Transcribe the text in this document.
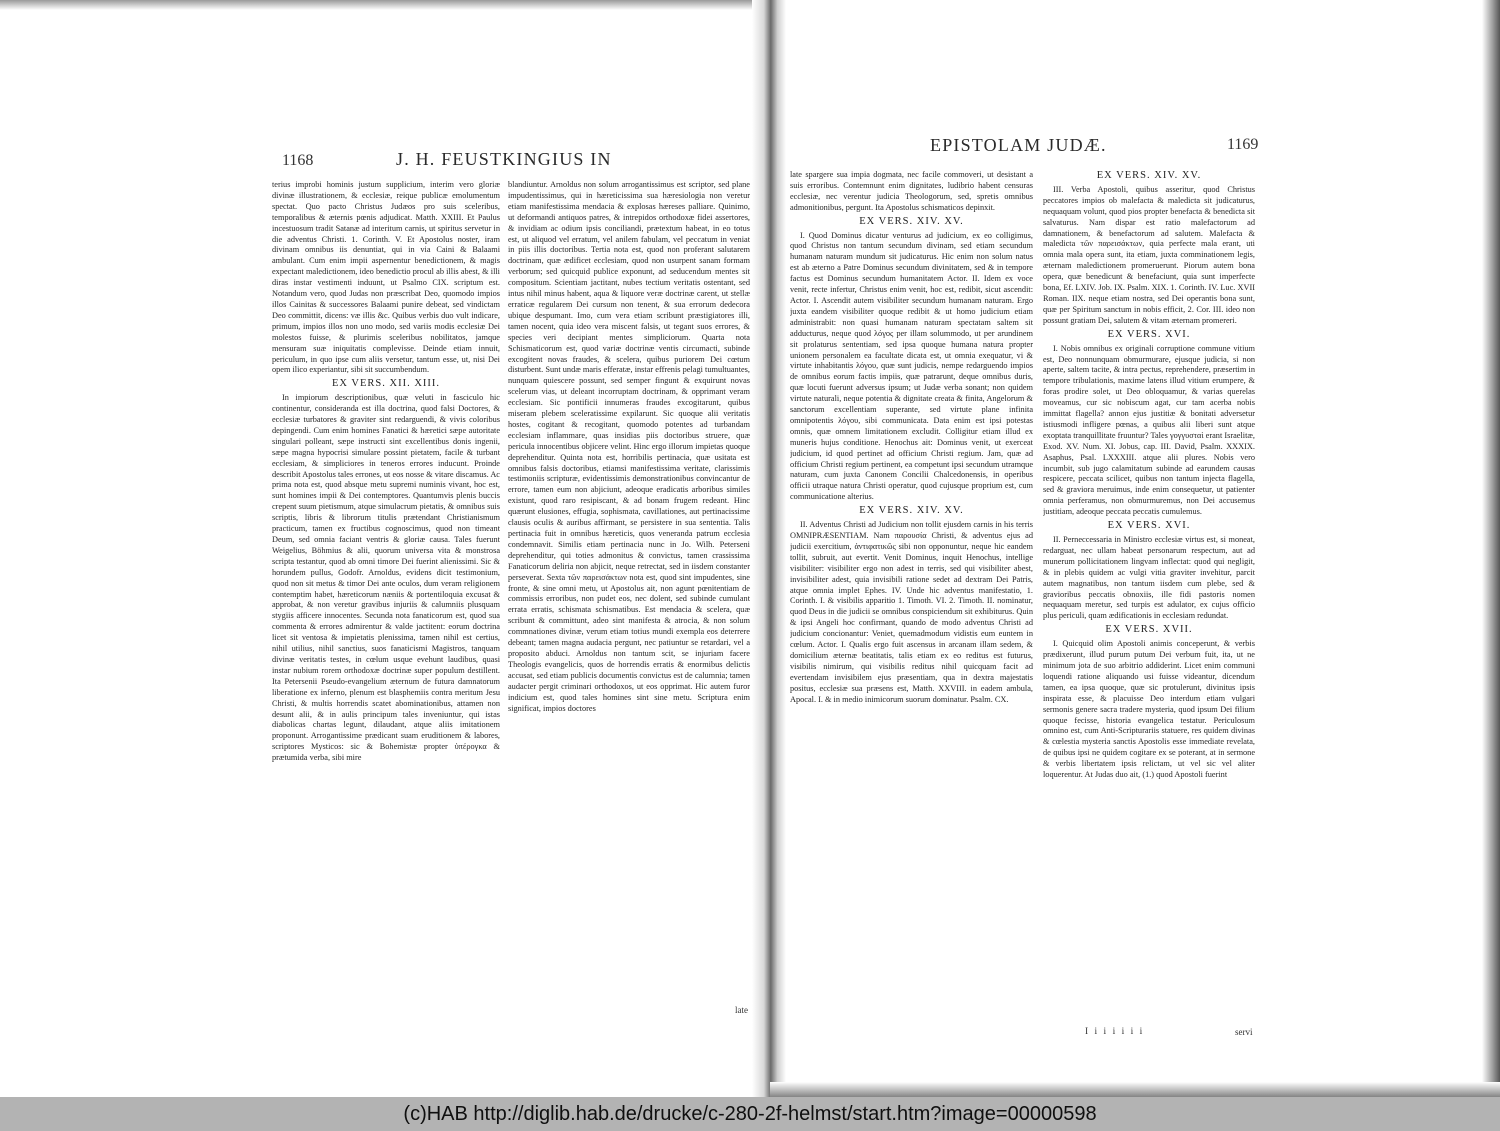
1168	J. H. FEUSTKINGIUS IN

terius improbi hominis justum supplicium, interim vero gloriæ divinæ illustrationem, & ecclesiæ, reique publicæ emolumentum spectat. Quo pacto Christus Judæos pro suis sceleribus, temporalibus & æternis pœnis adjudicat. Matth. XXIII. Et Paulus incestuosum tradit Satanæ ad interitum carnis, ut spiritus servetur in die adventus Christi. 1. Corinth. V. Et Apostolus noster, iram divinam omnibus iis denuntiat, qui in via Caini & Balaami ambulant. Cum enim impii aspernentur benedictionem, & magis expectant maledictionem, ideo benedictio procul ab illis abest, & illi diras instar vestimenti induunt, ut Psalmo CIX. scriptum est. Notandum vero, quod Judas non præscribat Deo, quomodo impios illos Cainitas & successores Balaami punire debeat, sed vindictam Deo committit, dicens: væ illis &c. Quibus verbis duo vult indicare, primum, impios illos non uno modo, sed variis modis ecclesiæ Dei molestos fuisse, & plurimis sceleribus nobilitatos, jamque mensuram suæ iniquitatis complevisse. Deinde etiam innuit, periculum, in quo ipse cum aliis versetur, tantum esse, ut, nisi Dei opem ilico experiantur, sibi sit succumbendum.

EX VERS. XII. XIII.

In impiorum descriptionibus, quæ veluti in fasciculo hic continentur, consideranda est illa doctrina, quod falsi Doctores, & ecclesiæ turbatores & graviter sint redarguendi, & vivis coloribus depingendi. Cum enim homines Fanatici & hæretici sæpe autoritate singulari polleant, sæpe instructi sint excellentibus donis ingenii, sæpe magna hypocrisi simulare possint pietatem, facile & turbant ecclesiam, & simpliciores in teneros errores inducunt. Proinde describit Apostolus tales errones, ut eos nosse & vitare discamus. Ac prima nota est, quod absque metu supremi numinis vivant, hoc est, sunt homines impii & Dei contemptores. Quantumvis plenis buccis crepent suum pietismum, atque simulacrum pietatis, & omnibus suis scriptis, libris & librorum titulis prætendant Christianismum practicum, tamen ex fructibus cognoscimus, quod non timeant Deum, sed omnia faciant ventris & gloriæ causa. Tales fuerunt Weigelius, Böhmius & alii, quorum universa vita & monstrosa scripta testantur, quod ab omni timore Dei fuerint alienissimi. Sic & horundem pullus, Godofr. Arnoldus, evidens dicit testimonium, quod non sit metus & timor Dei ante oculos, dum veram religionem contemptim habet, hæreticorum næniis & portentiloquia excusat & approbat, & non veretur gravibus injuriis & calumniis plusquam stygiis afficere innocentes. Secunda nota fanaticorum est, quod sua commenta & errores admirentur & valde jactitent: eorum doctrina licet sit ventosa & impietatis plenissima, tamen nihil est certius, nihil utilius, nihil sanctius, suos fanaticismi Magistros, tanquam divinæ veritatis testes, in cœlum usque evehunt laudibus, quasi instar nubium rorem orthodoxæ doctrinæ super populum destillent. Ita Petersenii Pseudo-evangelium æternum de futura damnatorum liberatione ex inferno, plenum est blasphemiis contra meritum Jesu Christi, & multis horrendis scatet abominationibus, attamen non desunt alii, & in aulis principum tales inveniuntur, qui istas diabolicas chartas legunt, dilaudant, atque aliis imitationem proponunt. Arrogantissime prædicant suam eruditionem & labores, scriptores Mysticos: sic & Bohemistæ propter ὑπέρογκα & prætumida verba, sibi mire

blandiuntur. Arnoldus non solum arrogantissimus est scriptor, sed plane impudentissimus, qui in hæreticissima sua hæresiologia non veretur etiam manifestissima mendacia & explosas hæreses palliare. Quinimo, ut deformandi antiquos patres, & intrepidos orthodoxæ fidei assertores, & invidiam ac odium ipsis conciliandi, prætextum habeat, in eo totus est, ut aliquod vel erratum, vel anilem fabulam, vel peccatum in veniat in piis illis doctoribus. Tertia nota est, quod non proferant salutarem doctrinam, quæ ædificet ecclesiam, quod non usurpent sanam formam verborum; sed quicquid publice exponunt, ad seducendum mentes sit compositum. Scientiam jactitant, nubes tectium veritatis ostentant, sed intus nihil minus habent, aqua & liquore veræ doctrinæ carent, ut stellæ erraticæ regularem Dei cursum non tenent, & sua errorum dedecora ubique despumant. Imo, cum vera etiam scribunt præstigiatores illi, tamen nocent, quia ideo vera miscent falsis, ut tegant suos errores, & species veri decipiant mentes simpliciorum. Quarta nota Schismaticorum est, quod variæ doctrinæ ventis circumacti, subinde excogitent novas fraudes, & scelera, quibus puriorem Dei cœtum disturbent. Sunt undæ maris efferatæ, instar effrenis pelagi tumultuantes, nunquam quiescere possunt, sed semper fingunt & exquirunt novas scelerum vias, ut deleant incorruptam doctrinam, & opprimant veram ecclesiam. Sic pontificii innumeras fraudes excogitarunt, quibus miseram plebem sceleratissime expilarunt. Sic quoque alii veritatis hostes, cogitant & recogitant, quomodo potentes ad turbandam ecclesiam inflammare, quas insidias piis doctoribus struere, quæ pericula innocentibus objicere velint. Hinc ergo illorum impietas quoque deprehenditur. Quinta nota est, horribilis pertinacia, quæ usitata est omnibus falsis doctoribus, etiamsi manifestissima veritate, clarissimis testimoniis scripturæ, evidentissimis demonstrationibus convincantur de errore, tamen eum non abjiciunt, adeoque eradicatis arboribus similes existunt, quod raro resipiscant, & ad bonam frugem redeant. Hinc quærunt elusiones, effugia, sophismata, cavillationes, aut pertinacissime clausis oculis & auribus affirmant, se persistere in sua sententia. Talis pertinacia fuit in omnibus hæreticis, quos veneranda patrum ecclesia condemnavit. Similis etiam pertinacia nunc in Jo. Wilh. Peterseni deprehenditur, qui toties admonitus & convictus, tamen crassissima Fanaticorum deliria non abjicit, neque retrectat, sed in iisdem constanter perseverat. Sexta τῶν παρεισάκτων nota est, quod sint impudentes, sine fronte, & sine omni metu, ut Apostolus ait, non agunt pœnitentiam de commissis erroribus, non pudet eos, nec dolent, sed subinde cumulant errata erratis, schismata schismatibus. Est mendacia & scelera, quæ scribunt & committunt, adeo sint manifesta & atrocia, & non solum commnationes divinæ, verum etiam totius mundi exempla eos deterrere debeant; tamen magna audacia pergunt, nec patiuntur se retardari, vel a proposito abduci. Arnoldus non tantum scit, se injuriam facere Theologis evangelicis, quos de horrendis erratis & enormibus delictis accusat, sed etiam publicis documentis convictus est de calumnia; tamen audacter pergit criminari orthodoxos, ut eos opprimat. Hic autem furor indicium est, quod tales homines sint sine metu. Scriptura enim significat, impios doctores

late
EPISTOLAM JUDÆ.	1169

late spargere sua impia dogmata, nec facile commoveri, ut desistant a suis erroribus. Contemnunt enim dignitates, ludibrio habent censuras ecclesiæ, nec verentur judicia Theologorum, sed, spretis omnibus admonitionibus, pergunt. Ita Apostolus schismaticos depinxit.

EX VERS. XIV. XV.

I. Quod Dominus dicatur venturus ad judicium, ex eo colligimus, quod Christus non tantum secundum divinam, sed etiam secundum humanam naturam mundum sit judicaturus. Hic enim non solum natus est ab æterno a Patre Dominus secundum divinitatem, sed & in tempore factus est Dominus secundum humanitatem Actor. II. Idem ex voce venit, recte infertur, Christus enim venit, hoc est, redibit, sicut ascendit: Actor. I. Ascendit autem visibiliter secundum humanam naturam. Ergo juxta eandem visibiliter quoque redibit & ut homo judicium etiam administrabit: non quasi humanam naturam spectatam saltem sit adducturus, neque quod λόγος per illam solummodo, ut per arundinem sit prolaturus sententiam, sed ipsa quoque humana natura propter unionem personalem ea facultate dicata est, ut omnia exequatur, vi & virtute inhabitantis λόγου, quæ sunt judicis, nempe redarguendo impios de omnibus eorum factis impiis, quæ patrarunt, deque omnibus duris, quæ locuti fuerunt adversus ipsum; ut Judæ verba sonant; non quidem virtute naturali, neque potentia & dignitate creata & finita, Angelorum & sanctorum excellentiam superante, sed virtute plane infinita omnipotentis λόγου, sibi communicata. Data enim est ipsi potestas omnis, quæ omnem limitationem excludit. Colligitur etiam illud ex muneris hujus conditione. Henochus ait: Dominus venit, ut exerceat judicium, id quod pertinet ad officium Christi regium. Jam, quæ ad officium Christi regium pertinent, ea competunt ipsi secundum utramque naturam, cum juxta Canonem Concilii Chalcedonensis, in operibus officii utraque natura Christi operatur, quod cujusque proprium est, cum communicatione alterius.

EX VERS. XIV. XV.

II. Adventus Christi ad Judicium non tollit ejusdem carnis in his terris OMNIPRÆSENTIAM. Nam παρουσία Christi, & adventus ejus ad judicii exercitium, ἀντιφατικῶς sibi non opponuntur, neque hic eandem tollit, subruit, aut evertit. Venit Dominus, inquit Henochus, intellige visibiliter: visibiliter ergo non adest in terris, sed qui visibiliter abest, invisibiliter adest, quia invisibili ratione sedet ad dextram Dei Patris, atque omnia implet Ephes. IV. Unde hic adventus manifestatio, 1. Corinth. I. & visibilis apparitio 1. Timoth. VI. 2. Timoth. II. nominatur, quod Deus in die judicii se omnibus conspiciendum sit exhibiturus. Quin & ipsi Angeli hoc confirmant, quando de modo adventus Christi ad judicium concionantur: Veniet, quemadmodum vidistis eum euntem in cœlum. Actor. I. Qualis ergo fuit ascensus in arcanam illam sedem, & domicilium æternæ beatitatis, talis etiam ex eo reditus est futurus, visibilis nimirum, qui visibilis reditus nihil quicquam facit ad evertendam invisibilem ejus præsentiam, qua in dextra majestatis positus, ecclesiæ sua præsens est, Matth. XXVIII. in eadem ambula, Apocal. I. & in medio inimicorum suorum dominatur. Psalm. CX.

EX VERS. XIV. XV.

III. Verba Apostoli, quibus asseritur, quod Christus peccatores impios ob malefacta & maledicta sit judicaturus, nequaquam volunt, quod pios propter benefacta & benedicta sit salvaturus. Nam dispar est ratio malefactorum ad damnationem, & benefactorum ad salutem. Malefacta & maledicta τῶν παρεισάκτων, quia perfecte mala erant, uti omnia mala opera sunt, ita etiam, juxta comminationem legis, æternam maledictionem promeruerunt. Piorum autem bona opera, quæ benedicunt & benefaciunt, quia sunt imperfecte bona, Ef. LXIV. Job. IX. Psalm. XIX. 1. Corinth. IV. Luc. XVII Roman. IIX. neque etiam nostra, sed Dei operantis bona sunt, quæ per Spiritum sanctum in nobis efficit, 2. Cor. III. ideo non possunt gratiam Dei, salutem & vitam æternam promereri.

EX VERS. XVI.

I. Nobis omnibus ex originali corruptione commune vitium est, Deo nonnunquam obmurmurare, ejusque judicia, si non aperte, saltem tacite, & intra pectus, reprehendere, præsertim in tempore tribulationis, maxime latens illud vitium erumpere, & foras prodire solet, ut Deo obloquamur, & varias querelas moveamus, cur sic nobiscum agat, cur tam acerba nobis immittat flagella? annon ejus justitiæ & bonitati adversetur istiusmodi infligere pœnas, a quibus alii liberi sunt atque exoptata tranquillitate fruuntur? Tales γογγυσταὶ erant Israelitæ, Exod. XV. Num. XI. Jobus, cap. III. David, Psalm. XXXIX. Asaphus, Psal. LXXXIII. atque alii plures. Nobis vero incumbit, sub jugo calamitatum subinde ad earundem causas respicere, peccata scilicet, quibus non tantum injecta flagella, sed & graviora meruimus, inde enim consequetur, ut patienter omnia perferamus, non obmurmuremus, non Dei accusemus justitiam, adeoque peccata peccatis cumulemus.

EX VERS. XVI.

II. Perneccessaria in Ministro ecclesiæ virtus est, si moneat, redarguat, nec ullam habeat personarum respectum, aut ad munerum pollicitationem lingvam inflectat: quod qui negligit, & in plebis quidem ac vulgi vitia graviter invehitur, parcit autem magnatibus, non tantum iisdem cum plebe, sed & gravioribus peccatis obnoxiis, ille fidi pastoris nomen nequaquam meretur, sed turpis est adulator, ex cujus officio plus periculi, quam ædificationis in ecclesiam redundat.

EX VERS. XVII.

I. Quicquid olim Apostoli animis conceperunt, & verbis prædixerunt, illud purum putum Dei verbum fuit, ita, ut ne minimum jota de suo arbitrio addiderint. Licet enim communi loquendi ratione aliquando usi fuisse videantur, dicendum tamen, ea ipsa quoque, quæ sic protulerunt, divinitus ipsis inspirata esse, & placuisse Deo interdum etiam vulgari sermonis genere sacra tradere mysteria, quod ipsum Dei filium quoque fecisse, historia evangelica testatur. Periculosum omnino est, cum Anti-Scripturariis statuere, res quidem divinas & cœlestia mysteria sanctis Apostolis esse immediate revelata, de quibus ipsi ne quidem cogitare ex se poterant, at in sermone & verbis libertatem ipsis relictam, ut vel sic vel aliter loquerentur. At Judas duo ait, (1.) quod Apostoli fuerint

I i i i i i i	servi
(c)HAB http://diglib.hab.de/drucke/c-280-2f-helmst/start.htm?image=00000598
